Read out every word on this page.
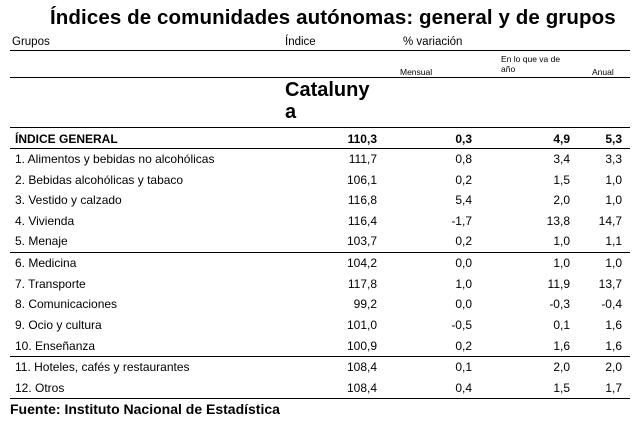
Índices de comunidades autónomas: general y de grupos
Grupos	Índice	% variación
En lo que va de año
Mensual	Anual
Cataluny a
ÍNDICE GENERAL	110,3	0,3	4,9	5,3
1. Alimentos y bebidas no alcohólicas	111,7	0,8	3,4	3,3
2. Bebidas alcohólicas y tabaco	106,1	0,2	1,5	1,0
3. Vestido y calzado	116,8	5,4	2,0	1,0
4. Vivienda	116,4	-1,7	13,8 14,7
5. Menaje	103,7	0,2	1,0	1,1
6. Medicina	104,2	0,0	1,0	1,0
7. Transporte	117,8	1,0	11,9 13,7
8. Comunicaciones	99,2	0,0	-0,3	-0,4
9. Ocio y cultura	101,0	-0,5	0,1	1,6
10. Enseñanza	100,9	0,2	1,6	1,6
11. Hoteles, cafés y restaurantes	108,4	0,1	2,0	2,0
12. Otros	108,4	0,4	1,5	1,7
Fuente: Instituto Nacional de Estadística
